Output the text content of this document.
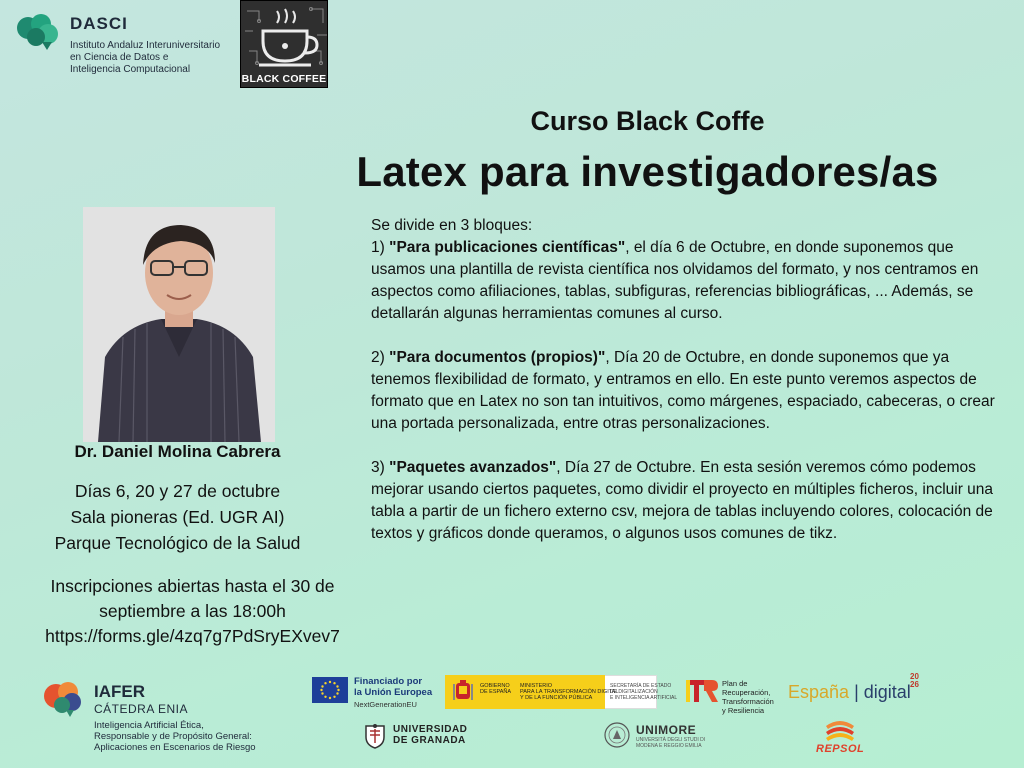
DASCI
Instituto Andaluz Interuniversitario
en Ciencia de Datos e
Inteligencia Computacional
BLACK COFFEE
Curso Black Coffe
Latex para investigadores/as
Dr. Daniel Molina Cabrera
Días 6, 20 y 27 de octubre
Sala pioneras (Ed. UGR AI)
Parque Tecnológico de la Salud
Inscripciones abiertas hasta el 30 de
septiembre a las 18:00h
https://forms.gle/4zq7g7PdSryEXvev7

Se divide en 3 bloques:

1) "Para publicaciones científicas", el día 6 de Octubre, en donde suponemos que usamos una plantilla de revista científica nos olvidamos del formato, y nos centramos en aspectos como afiliaciones, tablas, subfiguras, referencias bibliográficas, ... Además, se detallarán algunas herramientas comunes al curso.

2) "Para documentos (propios)", Día 20 de Octubre, en donde suponemos que ya tenemos flexibilidad de formato, y entramos en ello. En este punto veremos aspectos de formato que en Latex no son tan intuitivos, como márgenes, espaciado, cabeceras, o crear una portada personalizada, entre otras personalizaciones.

3) "Paquetes avanzados", Día 27 de Octubre. En esta sesión veremos cómo podemos mejorar usando ciertos paquetes, como dividir el proyecto en múltiples ficheros, incluir una tabla a partir de un fichero externo csv, mejora de tablas incluyendo colores, colocación de textos y gráficos donde queramos, o algunos usos comunes de tikz.

IAFER
CÁTEDRA ENIA
Inteligencia Artificial Ética,
Responsable y de Propósito General:
Aplicaciones en Escenarios de Riesgo
Financiado por
la Unión Europea
NextGenerationEU
GOBIERNO
DE ESPAÑA
MINISTERIO
PARA LA TRANSFORMACIÓN DIGITAL
Y DE LA FUNCIÓN PÚBLICA
SECRETARÍA DE ESTADO
DE DIGITALIZACIÓN
E INTELIGENCIA ARTIFICIAL
Plan de
Recuperación,
Transformación
y Resiliencia
España | digital
20
26
UNIVERSIDAD
DE GRANADA
UNIMORE
UNIVERSITÀ DEGLI STUDI DI MODENA E REGGIO EMILIA	REPSOL
